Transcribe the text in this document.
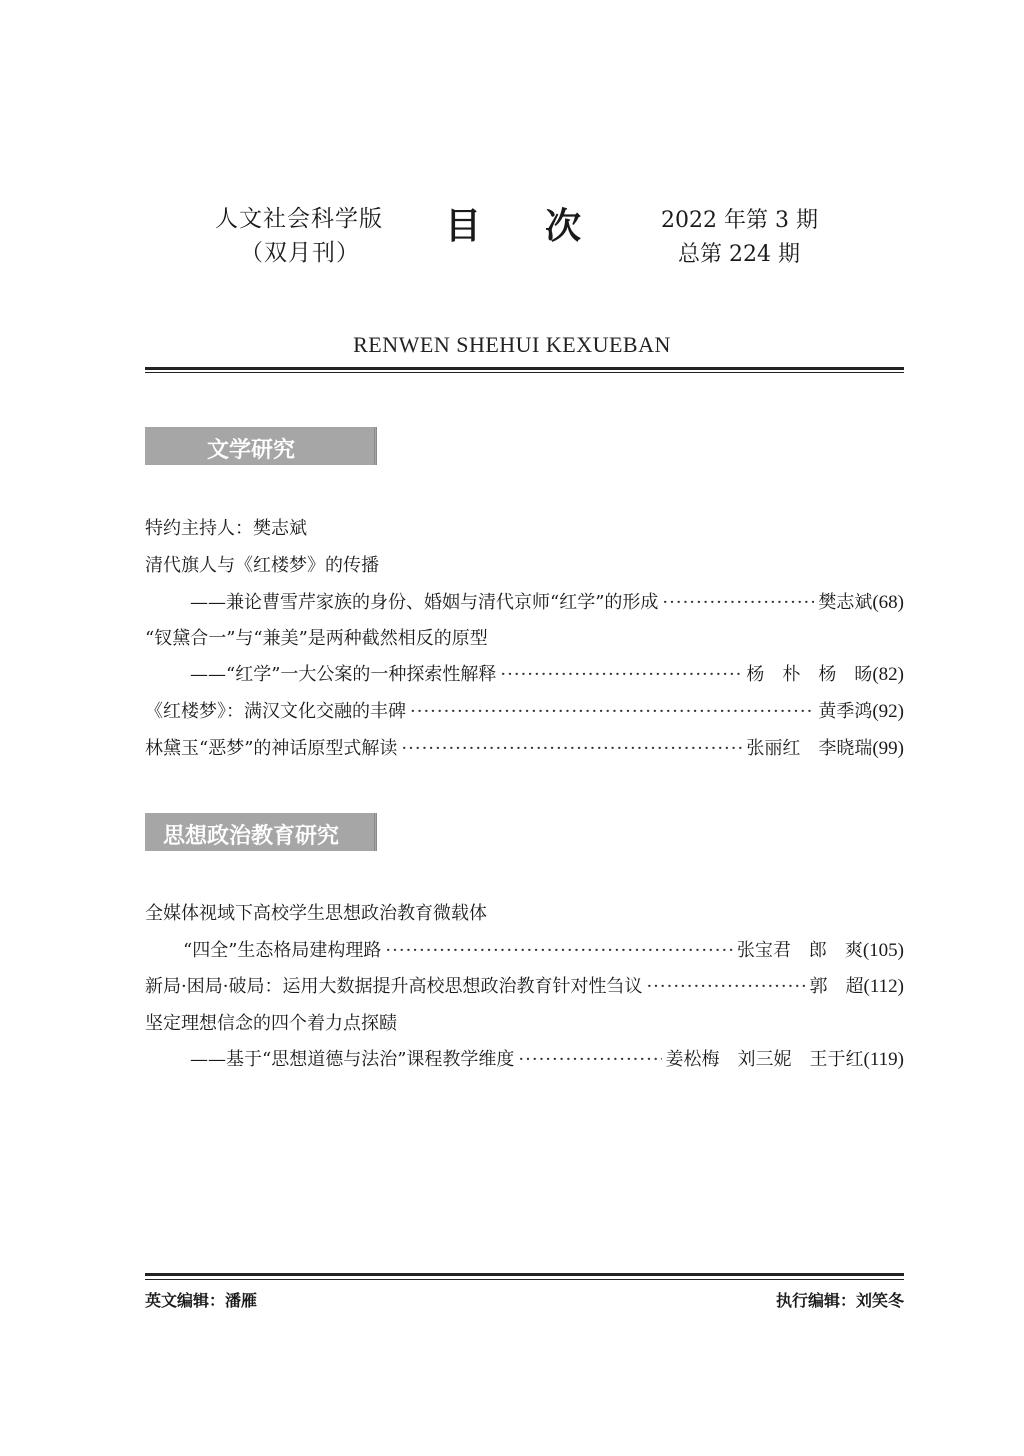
人文社会科学版
（双月刊）
目次 2022 年第 3 期
总第 224 期
RENWEN SHEHUI KEXUEBAN
文学研究
特约主持人：樊志斌
清代旗人与《红楼梦》的传播
——兼论曹雪芹家族的身份、婚姻与清代京师“红学”的形成 ·····	樊志斌 (68)
“钗黛合一”与“兼美”是两种截然相反的原型
——“红学”一大公案的一种探索性解释 ·····	杨　朴　杨　旸 (82)
《红楼梦》：满汉文化交融的丰碑 ·····	黄季鸿 (92)
林黛玉“恶梦”的神话原型式解读 ·····	张丽红　李晓瑞 (99)
思想政治教育研究
全媒体视域下高校学生思想政治教育微载体
“四全”生态格局建构理路 ·····	张宝君　郎　爽 (105)
新局·困局·破局：运用大数据提升高校思想政治教育针对性刍议 ·····	郭　超 (112)
坚定理想信念的四个着力点探赜
——基于“思想道德与法治”课程教学维度 ·····	姜松梅　刘三妮　王于红 (119)
英文编辑：潘雁	执行编辑：刘笑冬
